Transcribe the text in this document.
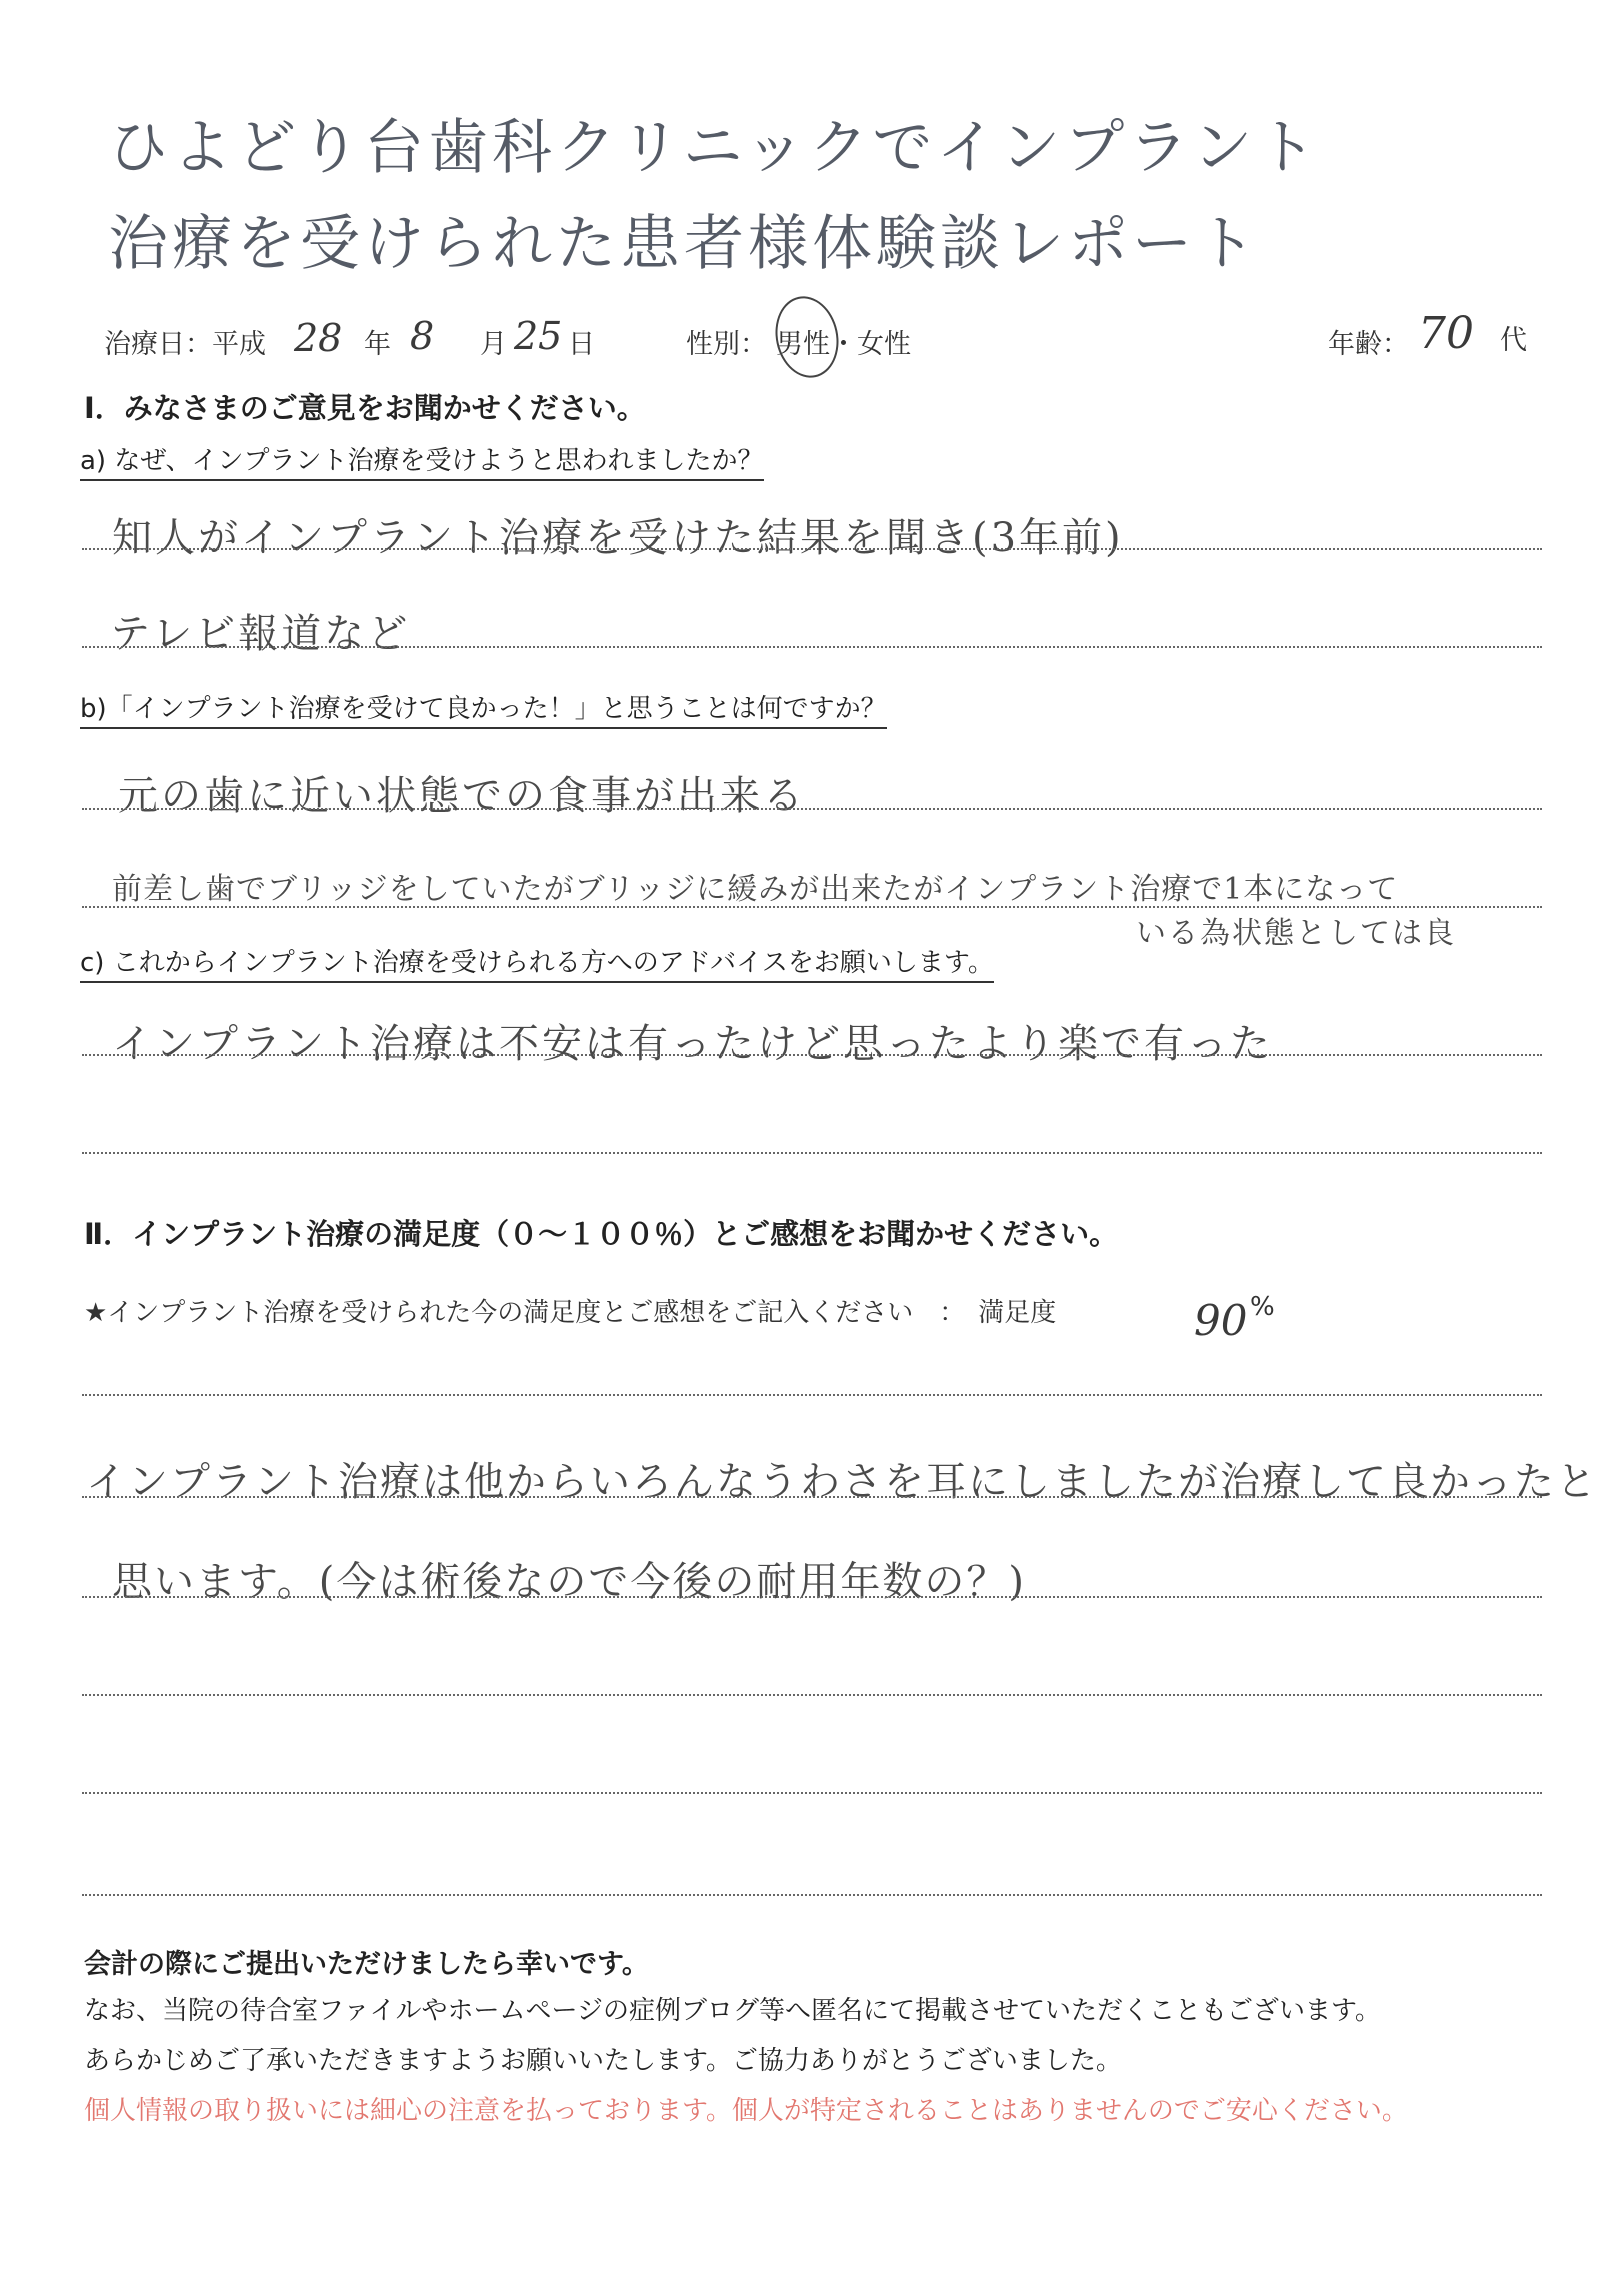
ひよどり台歯科クリニックでインプラント
治療を受けられた患者様体験談レポート
治療日：平成 28 年 8 月 25 日	性別： 男性・女性	年齢： 70 代
Ⅰ．みなさまのご意見をお聞かせください。
a) なぜ、インプラント治療を受けようと思われましたか？
知人がインプラント治療を受けた結果を聞き(3年前)
テレビ報道など
b)「インプラント治療を受けて良かった！」と思うことは何ですか？
元の歯に近い状態での食事が出来る
前差し歯でブリッジをしていたがブリッジに緩みが出来たがインプラント治療で1本になって
いる為状態としては良
c) これからインプラント治療を受けられる方へのアドバイスをお願いします。
インプラント治療は不安は有ったけど思ったより楽で有った
Ⅱ．インプラント治療の満足度（０～１００％）とご感想をお聞かせください。
★インプラント治療を受けられた今の満足度とご感想をご記入ください　：　満足度	90 %
インプラント治療は他からいろんなうわさを耳にしましたが治療して良かったと
思います。(今は術後なので今後の耐用年数の？)
会計の際にご提出いただけましたら幸いです。
なお、当院の待合室ファイルやホームページの症例ブログ等へ匿名にて掲載させていただくこともございます。
あらかじめご了承いただきますようお願いいたします。ご協力ありがとうございました。
個人情報の取り扱いには細心の注意を払っております。個人が特定されることはありませんのでご安心ください。
